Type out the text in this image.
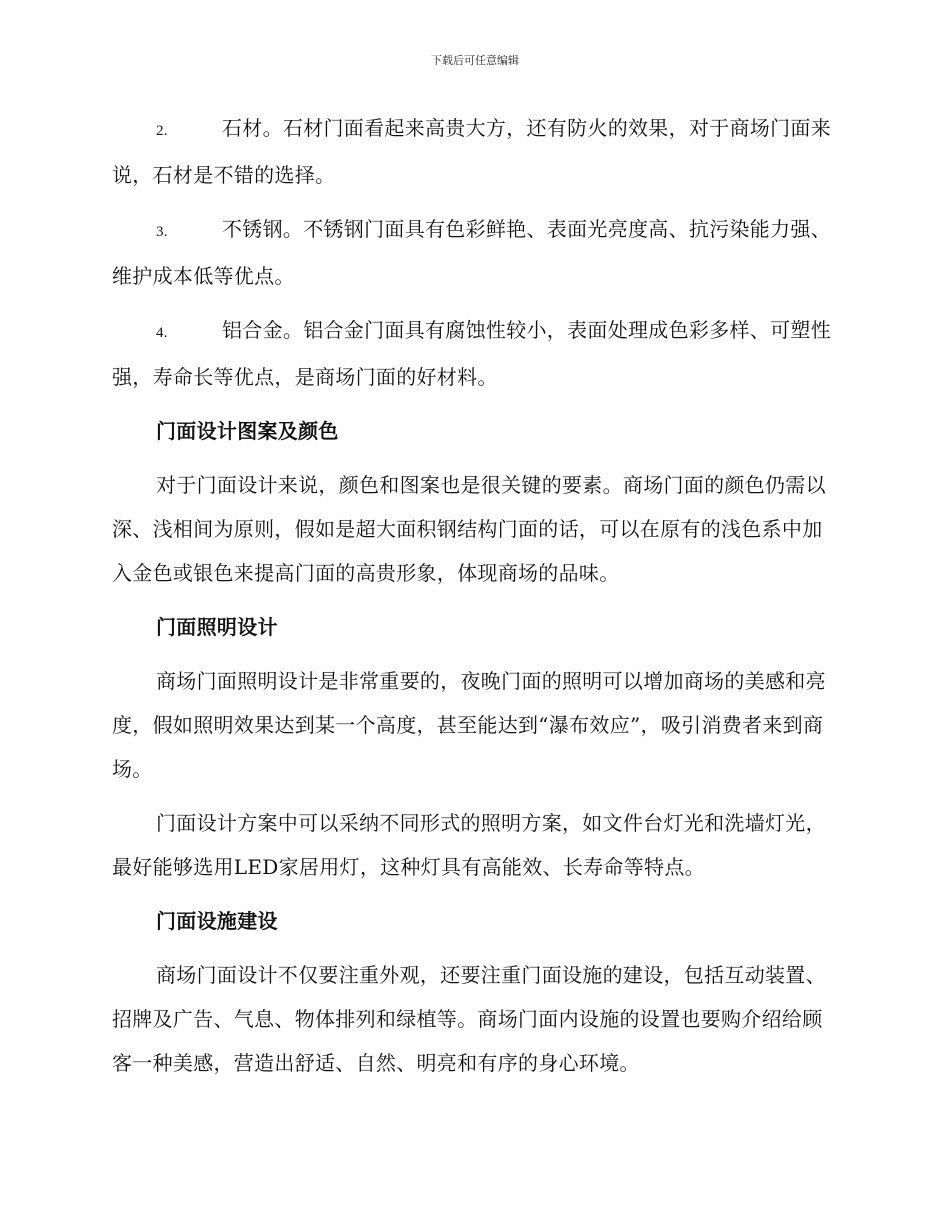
下载后可任意编辑

2.	石材。石材门面看起来高贵大方，还有防火的效果，对于商场门面来说，石材是不错的选择。

3.	不锈钢。不锈钢门面具有色彩鲜艳、表面光亮度高、抗污染能力强、维护成本低等优点。

4.	铝合金。铝合金门面具有腐蚀性较小，表面处理成色彩多样、可塑性强，寿命长等优点，是商场门面的好材料。

门面设计图案及颜色

对于门面设计来说，颜色和图案也是很关键的要素。商场门面的颜色仍需以深、浅相间为原则，假如是超大面积钢结构门面的话，可以在原有的浅色系中加入金色或银色来提高门面的高贵形象，体现商场的品味。

门面照明设计

商场门面照明设计是非常重要的，夜晚门面的照明可以增加商场的美感和亮度，假如照明效果达到某一个高度，甚至能达到“瀑布效应”，吸引消费者来到商场。

门面设计方案中可以采纳不同形式的照明方案，如文件台灯光和洗墙灯光，最好能够选用LED家居用灯，这种灯具有高能效、长寿命等特点。

门面设施建设

商场门面设计不仅要注重外观，还要注重门面设施的建设，包括互动装置、招牌及广告、气息、物体排列和绿植等。商场门面内设施的设置也要购介绍给顾客一种美感，营造出舒适、自然、明亮和有序的身心环境。
